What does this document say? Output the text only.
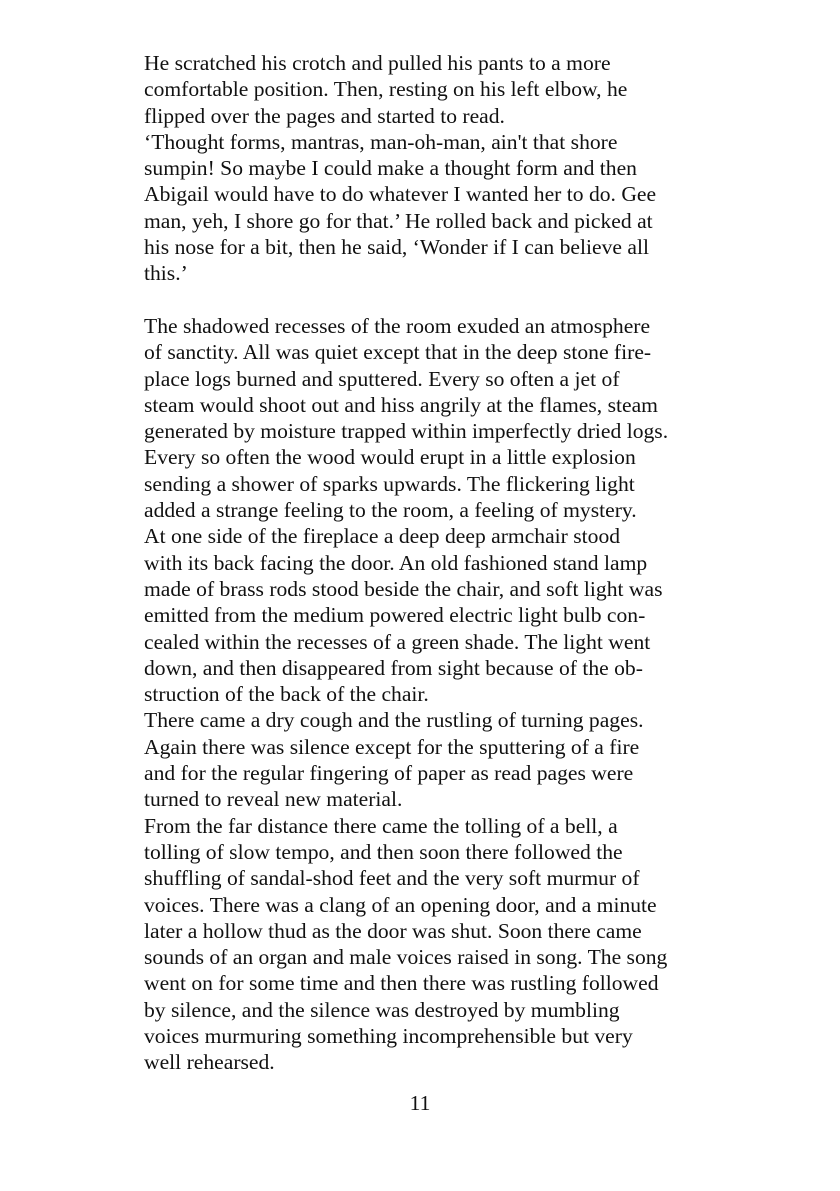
He scratched his crotch and pulled his pants to a more
comfortable position. Then, resting on his left elbow, he
flipped over the pages and started to read.

‘Thought forms, mantras, man-oh-man, ain't that shore
sumpin! So maybe I could make a thought form and then
Abigail would have to do whatever I wanted her to do. Gee
man, yeh, I shore go for that.’ He rolled back and picked at
his nose for a bit, then he said, ‘Wonder if I can believe all
this.’

The shadowed recesses of the room exuded an atmosphere
of sanctity. All was quiet except that in the deep stone fire-
place logs burned and sputtered. Every so often a jet of
steam would shoot out and hiss angrily at the flames, steam
generated by moisture trapped within imperfectly dried logs.
Every so often the wood would erupt in a little explosion
sending a shower of sparks upwards. The flickering light
added a strange feeling to the room, a feeling of mystery.

At one side of the fireplace a deep deep armchair stood
with its back facing the door. An old fashioned stand lamp
made of brass rods stood beside the chair, and soft light was
emitted from the medium powered electric light bulb con-
cealed within the recesses of a green shade. The light went
down, and then disappeared from sight because of the ob-
struction of the back of the chair.

There came a dry cough and the rustling of turning pages.
Again there was silence except for the sputtering of a fire
and for the regular fingering of paper as read pages were
turned to reveal new material.

From the far distance there came the tolling of a bell, a
tolling of slow tempo, and then soon there followed the
shuffling of sandal-shod feet and the very soft murmur of
voices. There was a clang of an opening door, and a minute
later a hollow thud as the door was shut. Soon there came
sounds of an organ and male voices raised in song. The song
went on for some time and then there was rustling followed
by silence, and the silence was destroyed by mumbling
voices murmuring something incomprehensible but very
well rehearsed.

11
